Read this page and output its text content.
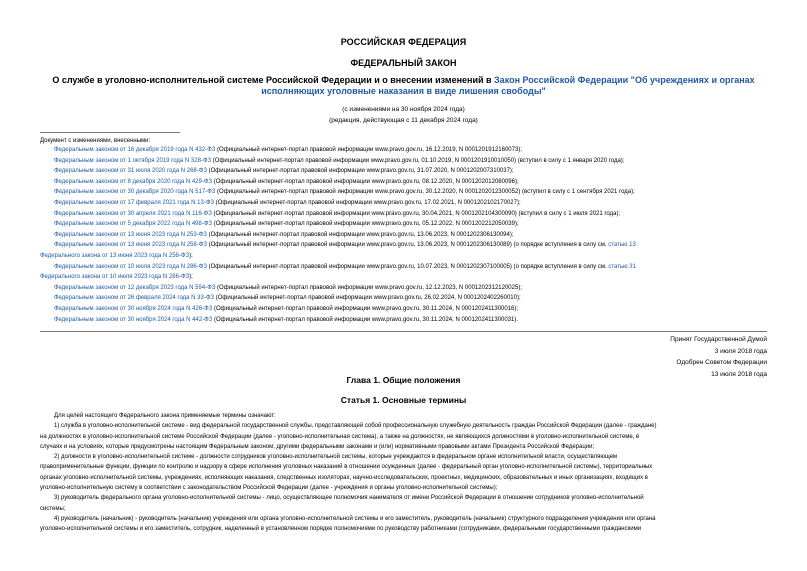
РОССИЙСКАЯ ФЕДЕРАЦИЯ
ФЕДЕРАЛЬНЫЙ ЗАКОН
О службе в уголовно-исполнительной системе Российской Федерации и о внесении изменений в Закон Российской Федерации "Об учреждениях и органах
исполняющих уголовные наказания в виде лишения свободы"
(с изменениями на 30 ноября 2024 года)
(редакция, действующая с 11 декабря 2024 года)
Документ с изменениями, внесенными:
Федеральным законом от 16 декабря 2019 года N 432-ФЗ (Официальный интернет-портал правовой информации www.pravo.gov.ru, 16.12.2019, N 0001201912160073);
Федеральным законом от 1 октября 2019 года N 328-ФЗ (Официальный интернет-портал правовой информации www.pravo.gov.ru, 01.10.2019, N 0001201910010050) (вступил в силу с 1 января 2020 года);
Федеральным законом от 31 июля 2020 года N 268-ФЗ (Официальный интернет-портал правовой информации www.pravo.gov.ru, 31.07.2020, N 0001202007310037);
Федеральным законом от 8 декабря 2020 года N 429-ФЗ (Официальный интернет-портал правовой информации www.pravo.gov.ru, 08.12.2020, N 0001202012080096);
Федеральным законом от 30 декабря 2020 года N 517-ФЗ (Официальный интернет-портал правовой информации www.pravo.gov.ru, 30.12.2020, N 0001202012300052) (вступил в силу с 1 сентября 2021 года);
Федеральным законом от 17 февраля 2021 года N 13-ФЗ (Официальный интернет-портал правовой информации www.pravo.gov.ru, 17.02.2021, N 0001202102170027);
Федеральным законом от 30 апреля 2021 года N 116-ФЗ (Официальный интернет-портал правовой информации www.pravo.gov.ru, 30.04.2021, N 0001202104300090) (вступил в силу с 1 июля 2021 года);
Федеральным законом от 5 декабря 2022 года N 498-ФЗ (Официальный интернет-портал правовой информации www.pravo.gov.ru, 05.12.2022, N 0001202212050039);
Федеральным законом от 13 июня 2023 года N 253-ФЗ (Официальный интернет-портал правовой информации www.pravo.gov.ru, 13.06.2023, N 0001202306130094);
Федеральным законом от 13 июня 2023 года N 258-ФЗ (Официальный интернет-портал правовой информации www.pravo.gov.ru, 13.06.2023, N 0001202306130089) (о порядке вступления в силу см. статью 13
Федерального закона от 13 июня 2023 года N 258-ФЗ);
Федеральным законом от 10 июля 2023 года N 286-ФЗ (Официальный интернет-портал правовой информации www.pravo.gov.ru, 10.07.2023, N 0001202307100005) (о порядке вступления в силу см. статью 31
Федерального закона от 10 июля 2023 года N 286-ФЗ);
Федеральным законом от 12 декабря 2023 года N 594-ФЗ (Официальный интернет-портал правовой информации www.pravo.gov.ru, 12.12.2023, N 0001202312120025);
Федеральным законом от 26 февраля 2024 года N 33-ФЗ (Официальный интернет-портал правовой информации www.pravo.gov.ru, 26.02.2024, N 0001202402260010);
Федеральным законом от 30 ноября 2024 года N 426-ФЗ (Официальный интернет-портал правовой информации www.pravo.gov.ru, 30.11.2024, N 0001202411300016);
Федеральным законом от 30 ноября 2024 года N 442-ФЗ (Официальный интернет-портал правовой информации www.pravo.gov.ru, 30.11.2024, N 0001202411300031).
Принят Государственной Думой
3 июля 2018 года
Одобрен Советом Федерации
13 июля 2018 года
Глава 1. Общие положения
Статья 1. Основные термины
Для целей настоящего Федерального закона применяемые термины означают:
1) служба в уголовно-исполнительной системе - вид федеральной государственной службы, представляющей собой профессиональную служебную деятельность граждан Российской Федерации (далее - граждане)
на должностях в уголовно-исполнительной системе Российской Федерации (далее - уголовно-исполнительная система), а также на должностях, не являющихся должностями в уголовно-исполнительной системе, в
случаях и на условиях, которые предусмотрены настоящим Федеральным законом, другими федеральными законами и (или) нормативными правовыми актами Президента Российской Федерации;
2) должности в уголовно-исполнительной системе - должности сотрудников уголовно-исполнительной системы, которые учреждаются в федеральном органе исполнительной власти, осуществляющем
правоприменительные функции, функции по контролю и надзору в сфере исполнения уголовных наказаний в отношении осужденных (далее - федеральный орган уголовно-исполнительной системы), территориальных
органах уголовно-исполнительной системы, учреждениях, исполняющих наказания, следственных изоляторах, научно-исследовательских, проектных, медицинских, образовательных и иных организациях, входящих в
уголовно-исполнительную систему в соответствии с законодательством Российской Федерации (далее - учреждения и органы уголовно-исполнительной системы);
3) руководитель федерального органа уголовно-исполнительной системы - лицо, осуществляющее полномочия нанимателя от имени Российской Федерации в отношении сотрудников уголовно-исполнительной
системы;
4) руководитель (начальник) - руководитель (начальник) учреждения или органа уголовно-исполнительной системы и его заместитель, руководитель (начальник) структурного подразделения учреждения или органа
уголовно-исполнительной системы и его заместитель, сотрудник, наделенный в установленном порядке полномочиями по руководству работниками (сотрудниками, федеральными государственными гражданскими
